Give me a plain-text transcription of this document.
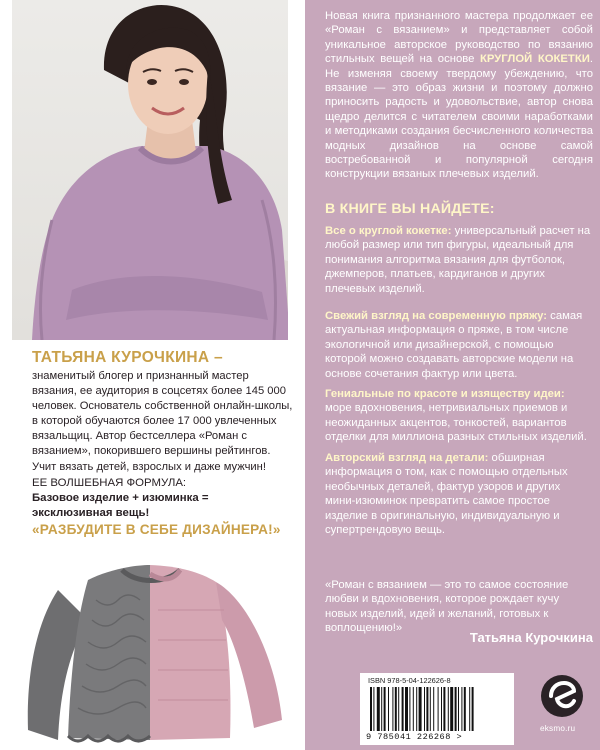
ТАТЬЯНА КУРОЧКИНА –
знаменитый блогер и признанный мастер вязания, ее аудитория в соцсетях более 145 000 человек. Основатель собственной онлайн-школы, в которой обучаются более 17 000 увлеченных вязальщиц. Автор бестселлера «Роман с вязанием», покорившего вершины рейтингов. Учит вязать детей, взрослых и даже мужчин!
ЕЕ ВОЛШЕБНАЯ ФОРМУЛА:
Базовое изделие + изюминка =
эксклюзивная вещь!
«РАЗБУДИТЕ В СЕБЕ ДИЗАЙНЕРА!»
Новая книга признанного мастера продолжает ее «Роман с вязанием» и представляет собой уникальное авторское руководство по вязанию стильных вещей на основе КРУГЛОЙ КОКЕТКИ. Не изменяя своему твердому убеждению, что вязание — это образ жизни и поэтому должно приносить радость и удовольствие, автор снова щедро делится с читателем своими наработками и методиками создания бесчисленного количества модных дизайнов на основе самой востребованной и популярной сегодня конструкции вязаных плечевых изделий.
В КНИГЕ ВЫ НАЙДЕТЕ:
Все о круглой кокетке: универсальный расчет на любой размер или тип фигуры, идеальный для понимания алгоритма вязания для футболок, джемперов, платьев, кардиганов и других плечевых изделий.
Свежий взгляд на современную пряжу: самая актуальная информация о пряже, в том числе экологичной или дизайнерской, с помощью которой можно создавать авторские модели на основе сочетания фактур или цвета.
Гениальные по красоте и изяществу идеи: море вдохновения, нетривиальных приемов и неожиданных акцентов, тонкостей, вариантов отделки для миллиона разных стильных изделий.
Авторский взгляд на детали: обширная информация о том, как с помощью отдельных необычных деталей, фактур узоров и других мини-изюминок превратить самое простое изделие в оригинальную, индивидуальную и супертрендовую вещь.
«Роман с вязанием — это то самое состояние любви и вдохновения, которое рождает кучу новых изделий, идей и желаний, готовых к воплощению!»
Татьяна Курочкина
ISBN 978-5-04-122626-8
9 785041 226268 >
eksmo.ru
